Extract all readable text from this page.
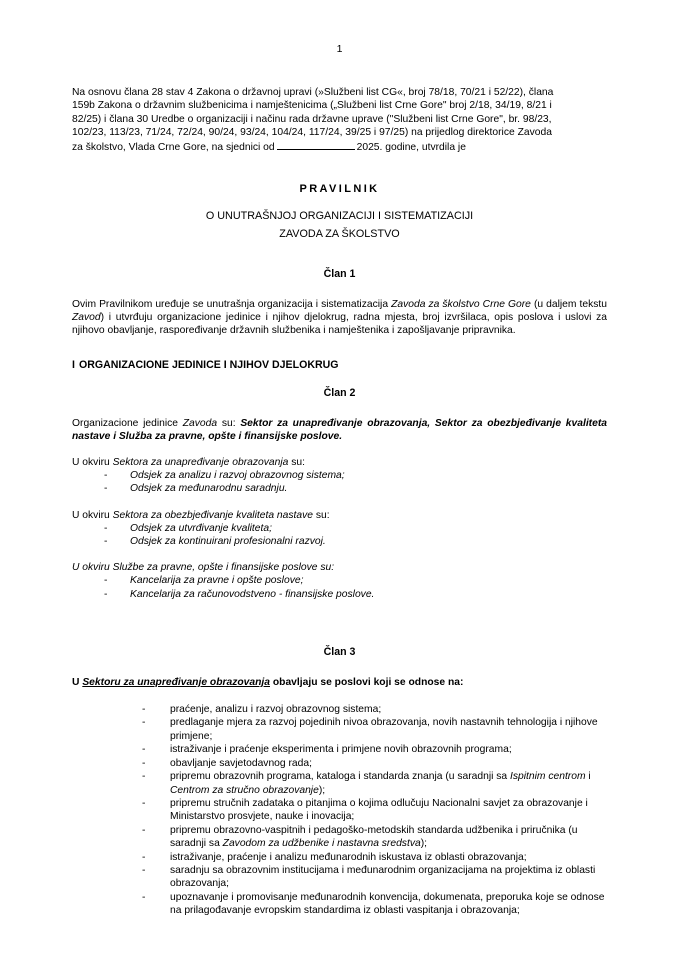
1
Na osnovu člana 28 stav 4 Zakona o državnoj upravi (»Službeni list CG«, broj 78/18, 70/21 i 52/22), člana
159b Zakona o državnim službenicima i namještenicima („Službeni list Crne Gore" broj 2/18, 34/19, 8/21 i
82/25) i člana 30 Uredbe o organizaciji i načinu rada državne uprave ("Službeni list Crne Gore", br. 98/23,
102/23, 113/23, 71/24, 72/24, 90/24, 93/24, 104/24, 117/24, 39/25 i 97/25) na prijedlog direktorice Zavoda
za školstvo, Vlada Crne Gore, na sjednici od	2025. godine, utvrdila je
PRAVILNIK
O UNUTRAŠNJOJ ORGANIZACIJI I SISTEMATIZACIJI
ZAVODA ZA ŠKOLSTVO
Član 1
Ovim Pravilnikom uređuje se unutrašnja organizacija i sistematizacija Zavoda za školstvo Crne Gore (u daljem tekstu Zavod) i utvrđuju organizacione jedinice i njihov djelokrug, radna mjesta, broj izvršilaca, opis poslova i uslovi za njihovo obavljanje, raspoređivanje državnih službenika i namještenika i zapošljavanje pripravnika.
I ORGANIZACIONE JEDINICE I NJIHOV DJELOKRUG
Član 2
Organizacione jedinice Zavoda su: Sektor za unapređivanje obrazovanja, Sektor za obezbjeđivanje kvaliteta nastave i Služba za pravne, opšte i finansijske poslove.
U okviru Sektora za unapređivanje obrazovanja su:
- Odsjek za analizu i razvoj obrazovnog sistema;
- Odsjek za međunarodnu saradnju.
U okviru Sektora za obezbjeđivanje kvaliteta nastave su:
- Odsjek za utvrđivanje kvaliteta;
- Odsjek za kontinuirani profesionalni razvoj.
U okviru Službe za pravne, opšte i finansijske poslove su:
- Kancelarija za pravne i opšte poslove;
- Kancelarija za računovodstveno - finansijske poslove.
Član 3
U Sektoru za unapređivanje obrazovanja obavljaju se poslovi koji se odnose na:
- praćenje, analizu i razvoj obrazovnog sistema;
- predlaganje mjera za razvoj pojedinih nivoa obrazovanja, novih nastavnih tehnologija i njihove primjene;
- istraživanje i praćenje eksperimenta i primjene novih obrazovnih programa;
- obavljanje savjetodavnog rada;
- pripremu obrazovnih programa, kataloga i standarda znanja (u saradnji sa Ispitnim centrom i Centrom za stručno obrazovanje);
- pripremu stručnih zadataka o pitanjima o kojima odlučuju Nacionalni savjet za obrazovanje i Ministarstvo prosvjete, nauke i inovacija;
- pripremu obrazovno-vaspitnih i pedagoško-metodskih standarda udžbenika i priručnika (u saradnji sa Zavodom za udžbenike i nastavna sredstva);
- istraživanje, praćenje i analizu međunarodnih iskustava iz oblasti obrazovanja;
- saradnju sa obrazovnim institucijama i međunarodnim organizacijama na projektima iz oblasti obrazovanja;
- upoznavanje i promovisanje međunarodnih konvencija, dokumenata, preporuka koje se odnose na prilagođavanje evropskim standardima iz oblasti vaspitanja i obrazovanja;
